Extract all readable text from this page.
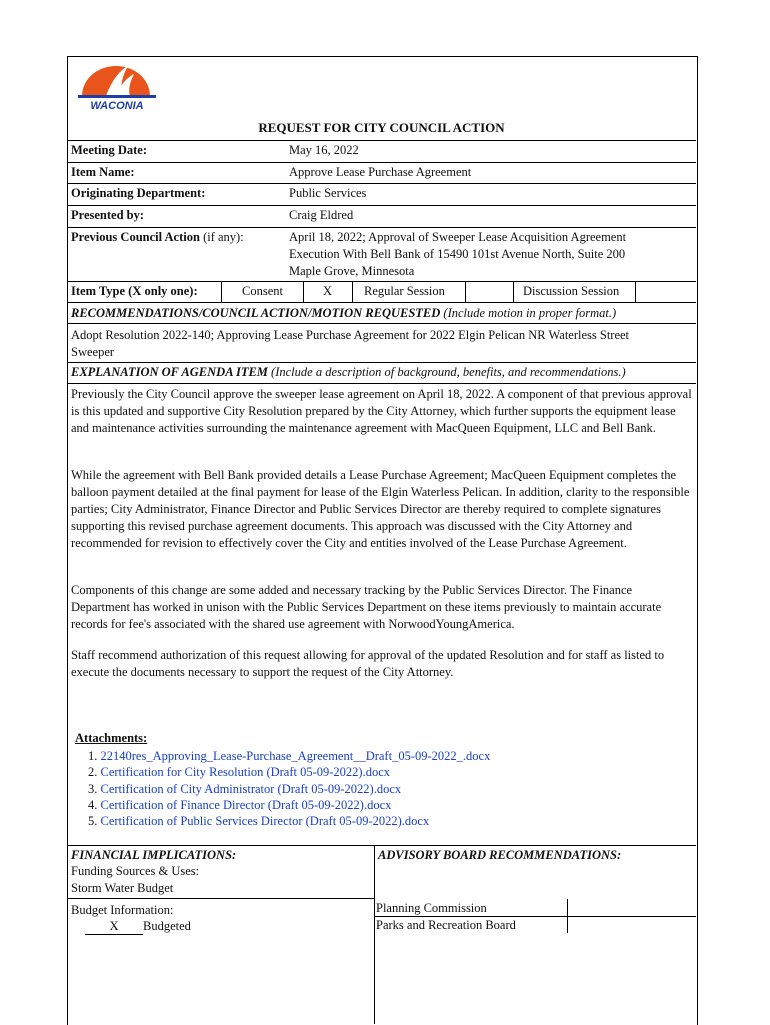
WACONIA
REQUEST FOR CITY COUNCIL ACTION
Meeting Date:	May 16, 2022
Item Name:	Approve Lease Purchase Agreement
Originating Department:	Public Services
Presented by:	Craig Eldred
Previous Council Action (if any):	April 18, 2022; Approval of Sweeper Lease Acquisition Agreement
Execution With Bell Bank of 15490 101st Avenue North, Suite 200
Maple Grove, Minnesota
Item Type (X only one):	Consent	X	Regular Session	Discussion Session
RECOMMENDATIONS/COUNCIL ACTION/MOTION REQUESTED (Include motion in proper format.)
Adopt Resolution 2022-140; Approving Lease Purchase Agreement for 2022 Elgin Pelican NR Waterless Street
Sweeper
EXPLANATION OF AGENDA ITEM (Include a description of background, benefits, and recommendations.)
Previously the City Council approve the sweeper lease agreement on April 18, 2022. A component of that previous approval is this updated and supportive City Resolution prepared by the City Attorney, which further supports the equipment lease and maintenance activities surrounding the maintenance agreement with MacQueen Equipment, LLC and Bell Bank.
While the agreement with Bell Bank provided details a Lease Purchase Agreement; MacQueen Equipment completes the balloon payment detailed at the final payment for lease of the Elgin Waterless Pelican. In addition, clarity to the responsible parties; City Administrator, Finance Director and Public Services Director are thereby required to complete signatures supporting this revised purchase agreement documents. This approach was discussed with the City Attorney and recommended for revision to effectively cover the City and entities involved of the Lease Purchase Agreement.
Components of this change are some added and necessary tracking by the Public Services Director. The Finance Department has worked in unison with the Public Services Department on these items previously to maintain accurate records for fee's associated with the shared use agreement with NorwoodYoungAmerica.
Staff recommend authorization of this request allowing for approval of the updated Resolution and for staff as listed to execute the documents necessary to support the request of the City Attorney.
Attachments:
1. 22140res_Approving_Lease-Purchase_Agreement__Draft_05-09-2022_.docx
2. Certification for City Resolution (Draft 05-09-2022).docx
3. Certification of City Administrator (Draft 05-09-2022).docx
4. Certification of Finance Director (Draft 05-09-2022).docx
5. Certification of Public Services Director (Draft 05-09-2022).docx
FINANCIAL IMPLICATIONS:	ADVISORY BOARD RECOMMENDATIONS:
Funding Sources & Uses:
Storm Water Budget
Budget Information:
X Budgeted
Planning Commission
Parks and Recreation Board
